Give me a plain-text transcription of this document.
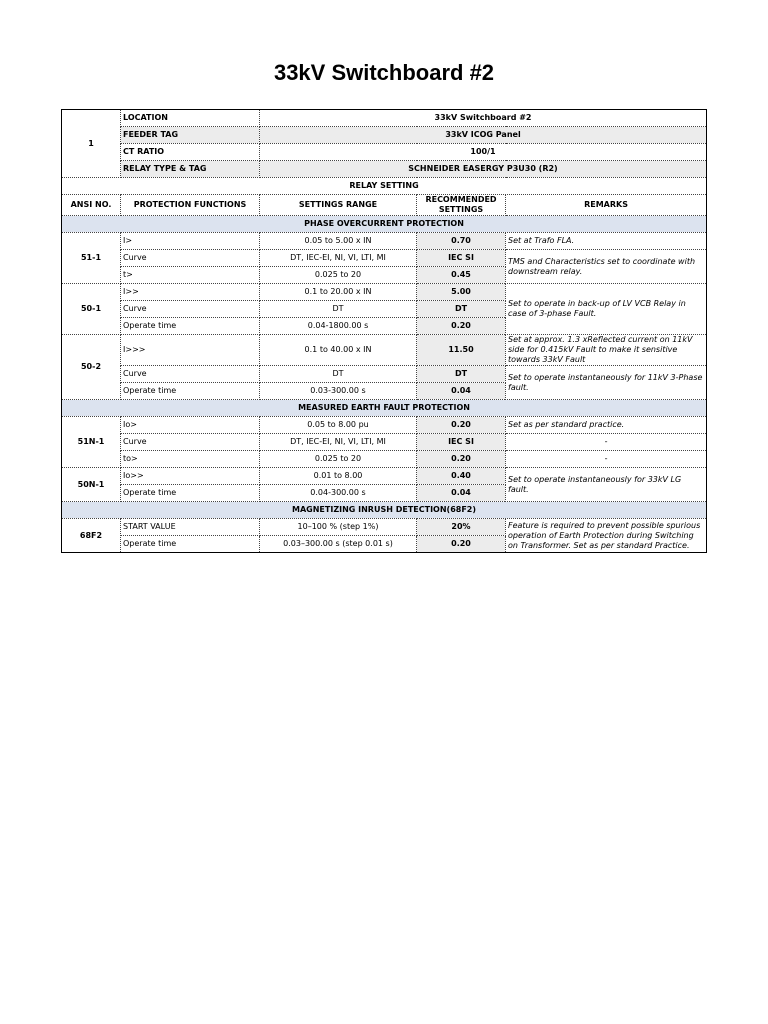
33kV Switchboard #2
1	LOCATION	33kV Switchboard #2		
	FEEDER TAG	33kV ICOG Panel		
	CT RATIO	100/1		
	RELAY TYPE & TAG	SCHNEIDER EASERGY P3U30 (R2)		
RELAY SETTING				
ANSI NO.	PROTECTION FUNCTIONS	SETTINGS RANGE	RECOMMENDED SETTINGS	REMARKS
PHASE OVERCURRENT PROTECTION				
51-1	I>	0.05 to 5.00 x IN	0.70	Set at Trafo FLA.
	Curve	DT, IEC-EI, NI, VI, LTI, MI	IEC SI	TMS and Characteristics set to coordinate with downstream relay.
	t>	0.025 to 20	0.45	
50-1	I>>	0.1 to 20.00 x IN	5.00	Set to operate in back-up of LV VCB Relay in case of 3-phase Fault.
	Curve	DT	DT	
	Operate time	0.04-1800.00 s	0.20	
50-2	I>>>	0.1 to 40.00 x IN	11.50	Set at approx. 1.3 xReflected current on 11kV side for 0.415kV Fault to make it sensitive towards 33kV Fault
	Curve	DT	DT	Set to operate instantaneously for 11kV 3-Phase fault.
	Operate time	0.03-300.00 s	0.04	
MEASURED EARTH FAULT PROTECTION				
51N-1	Io>	0.05 to 8.00 pu	0.20	Set as per standard practice.
	Curve	DT, IEC-EI, NI, VI, LTI, MI	IEC SI	-
	to>	0.025 to 20	0.20	-
50N-1	Io>>	0.01 to 8.00	0.40	Set to operate instantaneously for 33kV LG fault.
	Operate time	0.04-300.00 s	0.04	
MAGNETIZING INRUSH DETECTION(68F2)				
68F2	START VALUE	10–100 % (step 1%)	20%	Feature is required to prevent possible spurious operation of Earth Protection during Switching on Transformer. Set as per standard Practice.
	Operate time	0.03–300.00 s (step 0.01 s)	0.20	
